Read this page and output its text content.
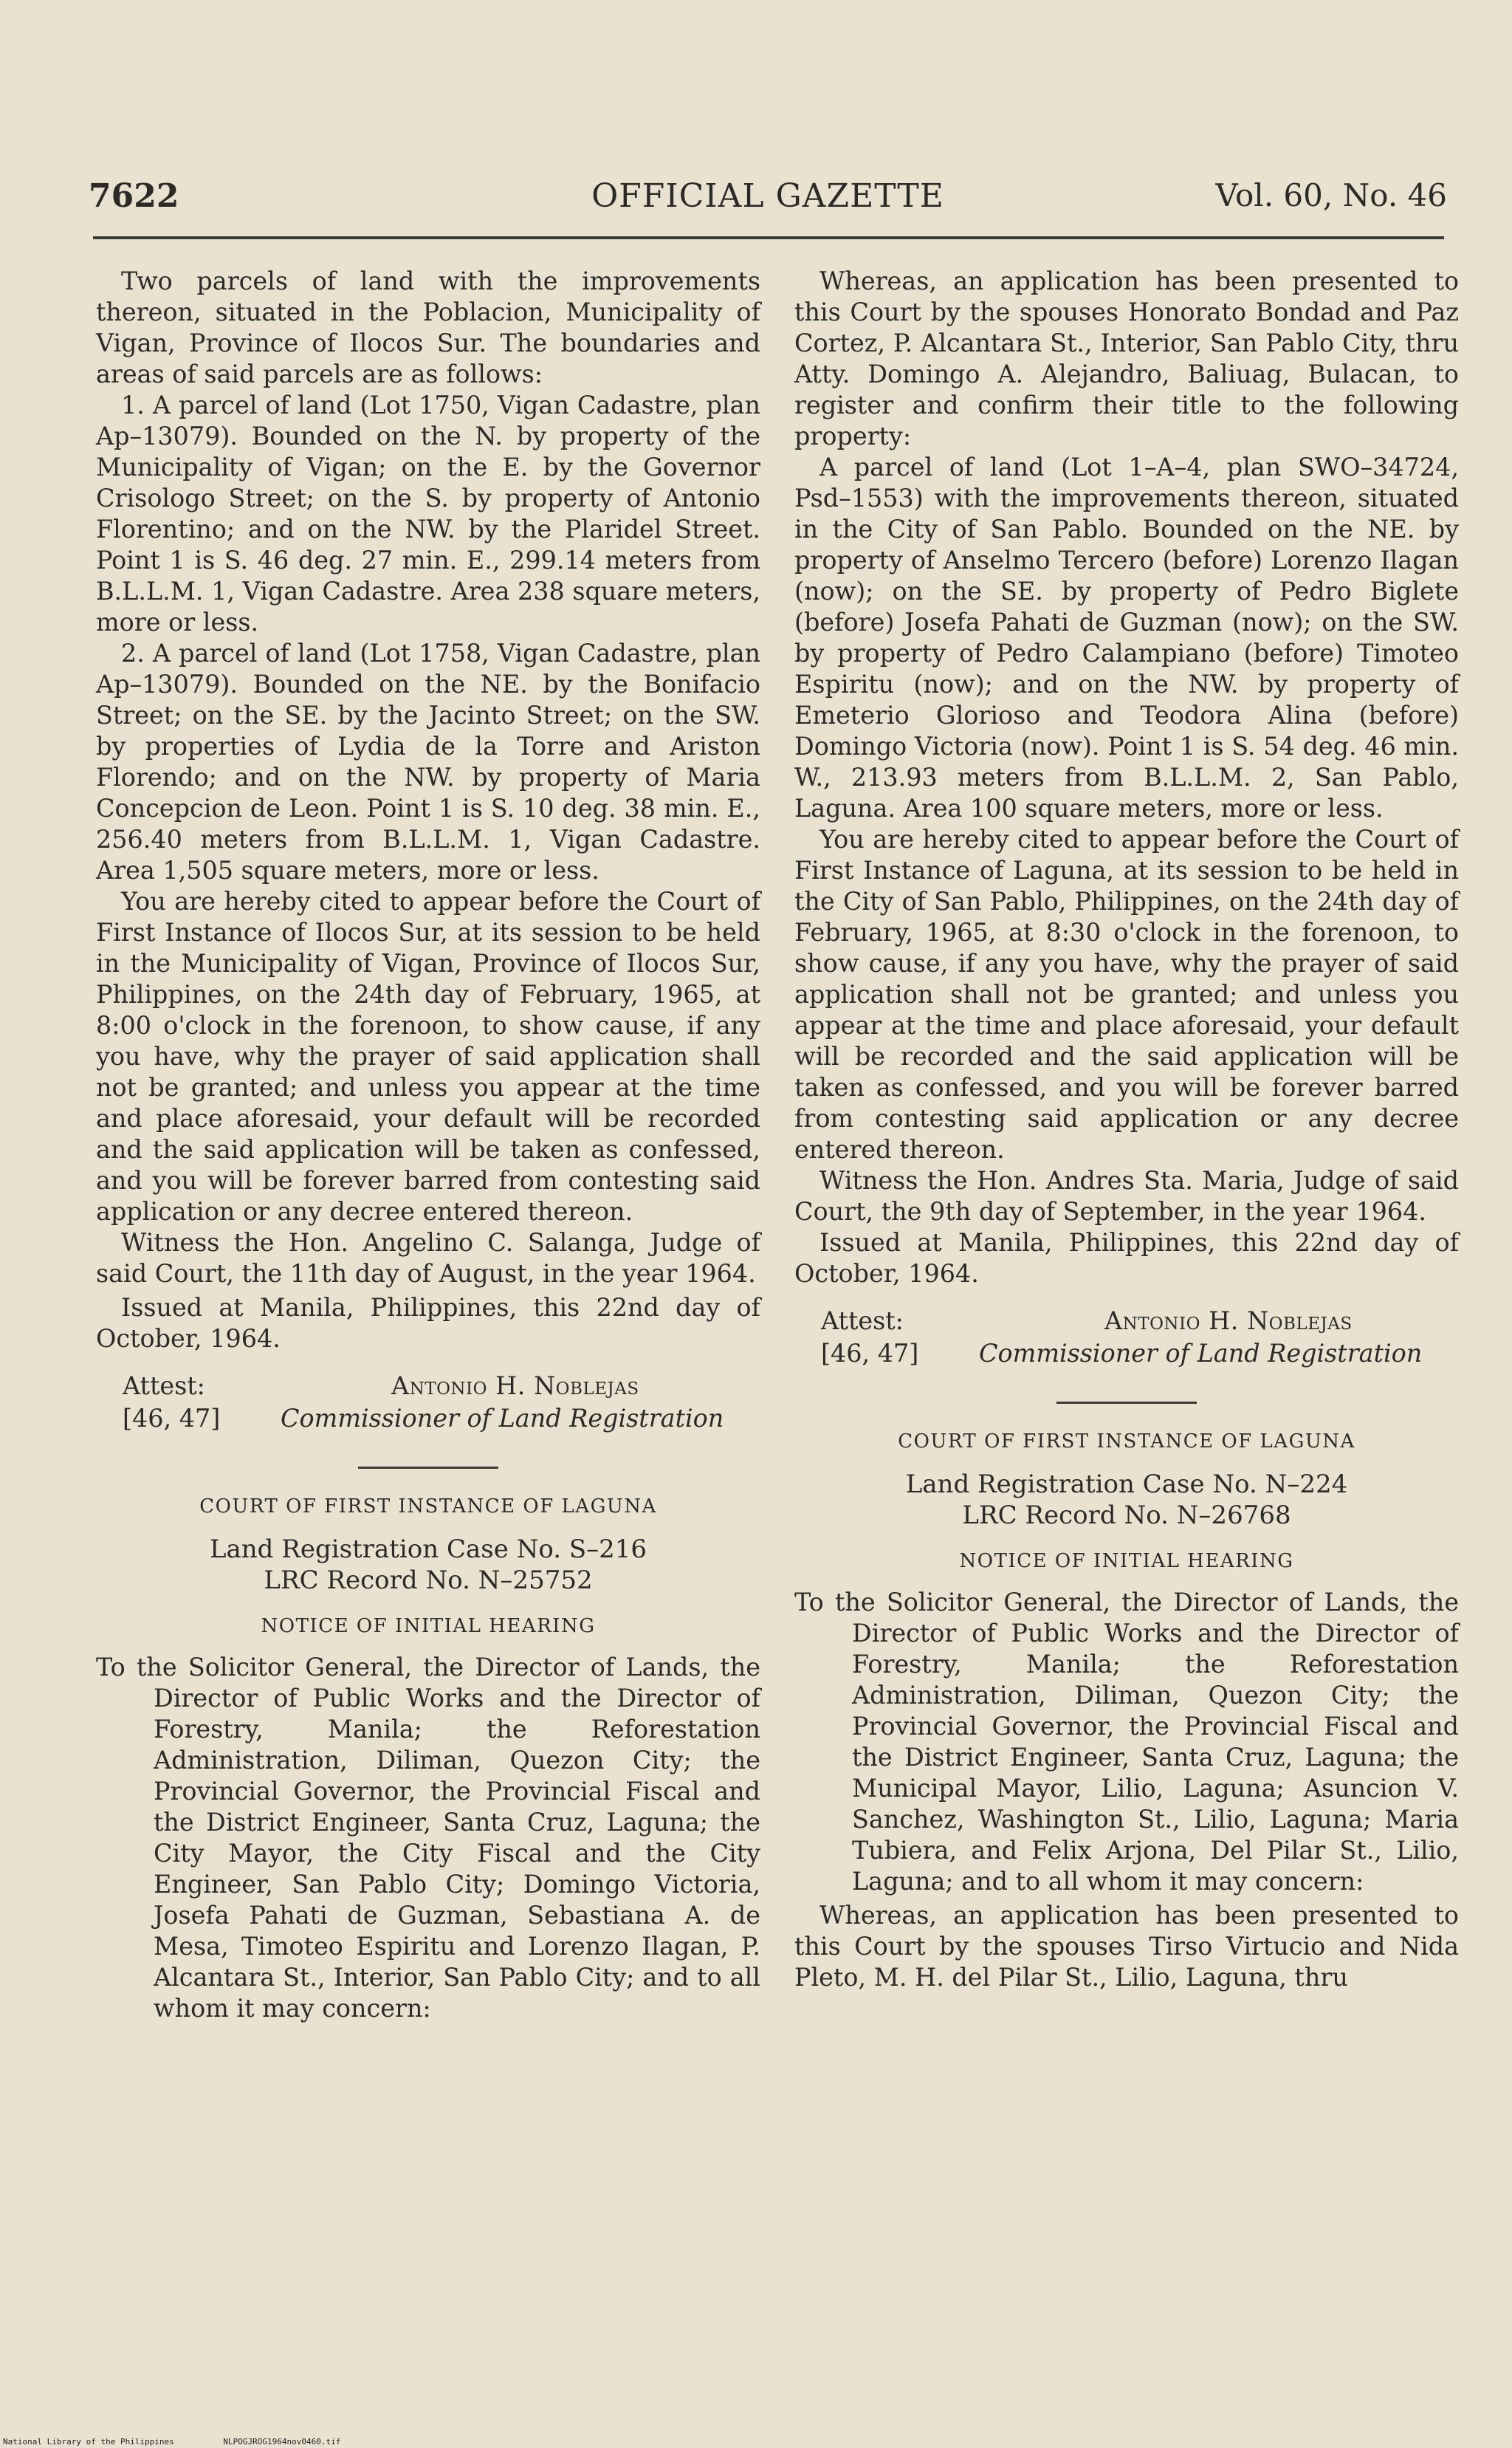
7622	OFFICIAL GAZETTE	Vol. 60, No. 46

Two parcels of land with the improvements thereon, situated in the Poblacion, Municipality of Vigan, Province of Ilocos Sur. The boundaries and areas of said parcels are as follows:

1. A parcel of land (Lot 1750, Vigan Cadastre, plan Ap–13079). Bounded on the N. by property of the Municipality of Vigan; on the E. by the Governor Crisologo Street; on the S. by property of Antonio Florentino; and on the NW. by the Plaridel Street. Point 1 is S. 46 deg. 27 min. E., 299.14 meters from B.L.L.M. 1, Vigan Cadastre. Area 238 square meters, more or less.

2. A parcel of land (Lot 1758, Vigan Cadastre, plan Ap–13079). Bounded on the NE. by the Bonifacio Street; on the SE. by the Jacinto Street; on the SW. by properties of Lydia de la Torre and Ariston Florendo; and on the NW. by property of Maria Concepcion de Leon. Point 1 is S. 10 deg. 38 min. E., 256.40 meters from B.L.L.M. 1, Vigan Cadastre. Area 1,505 square meters, more or less.

You are hereby cited to appear before the Court of First Instance of Ilocos Sur, at its session to be held in the Municipality of Vigan, Province of Ilocos Sur, Philippines, on the 24th day of February, 1965, at 8:00 o'clock in the forenoon, to show cause, if any you have, why the prayer of said application shall not be granted; and unless you appear at the time and place aforesaid, your default will be recorded and the said application will be taken as confessed, and you will be forever barred from contesting said application or any decree entered thereon.

Witness the Hon. Angelino C. Salanga, Judge of said Court, the 11th day of August, in the year 1964.

Issued at Manila, Philippines, this 22nd day of October, 1964.

Attest:
[46, 47]
Antonio H. Noblejas
Commissioner of Land Registration
COURT OF FIRST INSTANCE OF LAGUNA
Land Registration Case No. S–216
LRC Record No. N–25752
NOTICE OF INITIAL HEARING

To the Solicitor General, the Director of Lands, the Director of Public Works and the Director of Forestry, Manila; the Reforestation Administration, Diliman, Quezon City; the Provincial Governor, the Provincial Fiscal and the District Engineer, Santa Cruz, Laguna; the City Mayor, the City Fiscal and the City Engineer, San Pablo City; Domingo Victoria, Josefa Pahati de Guzman, Sebastiana A. de Mesa, Timoteo Espiritu and Lorenzo Ilagan, P. Alcantara St., Interior, San Pablo City; and to all whom it may concern:

Whereas, an application has been presented to this Court by the spouses Honorato Bondad and Paz Cortez, P. Alcantara St., Interior, San Pablo City, thru Atty. Domingo A. Alejandro, Baliuag, Bulacan, to register and confirm their title to the following property:

A parcel of land (Lot 1–A–4, plan SWO–34724, Psd–1553) with the improvements thereon, situated in the City of San Pablo. Bounded on the NE. by property of Anselmo Tercero (before) Lorenzo Ilagan (now); on the SE. by property of Pedro Biglete (before) Josefa Pahati de Guzman (now); on the SW. by property of Pedro Calampiano (before) Timoteo Espiritu (now); and on the NW. by property of Emeterio Glorioso and Teodora Alina (before) Domingo Victoria (now). Point 1 is S. 54 deg. 46 min. W., 213.93 meters from B.L.L.M. 2, San Pablo, Laguna. Area 100 square meters, more or less.

You are hereby cited to appear before the Court of First Instance of Laguna, at its session to be held in the City of San Pablo, Philippines, on the 24th day of February, 1965, at 8:30 o'clock in the forenoon, to show cause, if any you have, why the prayer of said application shall not be granted; and unless you appear at the time and place aforesaid, your default will be recorded and the said application will be taken as confessed, and you will be forever barred from contesting said application or any decree entered thereon.

Witness the Hon. Andres Sta. Maria, Judge of said Court, the 9th day of September, in the year 1964.

Issued at Manila, Philippines, this 22nd day of October, 1964.

Attest:
[46, 47]
Antonio H. Noblejas
Commissioner of Land Registration
COURT OF FIRST INSTANCE OF LAGUNA
Land Registration Case No. N–224
LRC Record No. N–26768
NOTICE OF INITIAL HEARING

To the Solicitor General, the Director of Lands, the Director of Public Works and the Director of Forestry, Manila; the Reforestation Administration, Diliman, Quezon City; the Provincial Governor, the Provincial Fiscal and the District Engineer, Santa Cruz, Laguna; the Municipal Mayor, Lilio, Laguna; Asuncion V. Sanchez, Washington St., Lilio, Laguna; Maria Tubiera, and Felix Arjona, Del Pilar St., Lilio, Laguna; and to all whom it may concern:

Whereas, an application has been presented to this Court by the spouses Tirso Virtucio and Nida Pleto, M. H. del Pilar St., Lilio, Laguna, thru

National Library of the Philippines	NLPOGJROG1964nov0460.tif
